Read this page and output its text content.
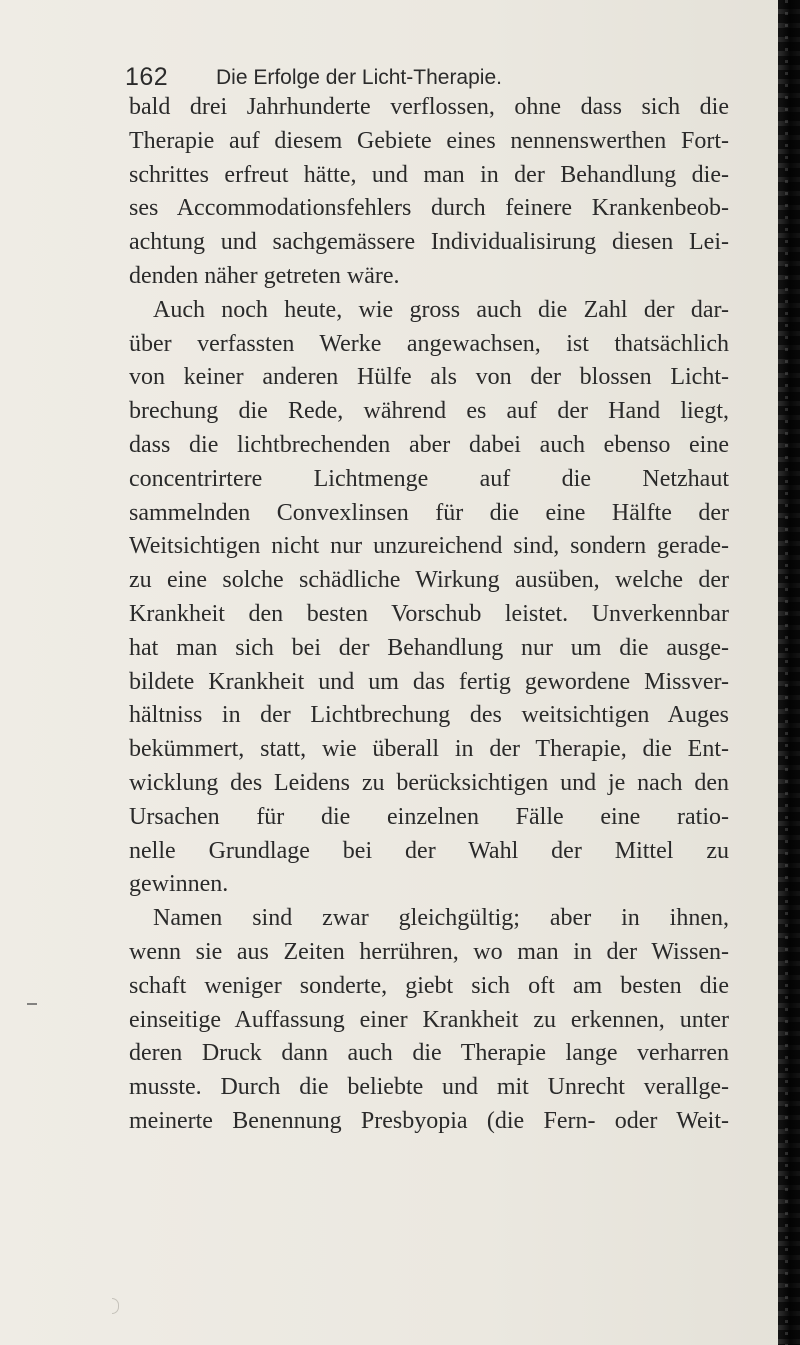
162 Die Erfolge der Licht-Therapie.
bald drei Jahrhunderte verflossen, ohne dass sich die
Therapie auf diesem Gebiete eines nennenswerthen Fort-
schrittes erfreut hätte, und man in der Behandlung die-
ses Accommodationsfehlers durch feinere Krankenbeob-
achtung und sachgemässere Individualisirung diesen Lei-
denden näher getreten wäre.
Auch noch heute, wie gross auch die Zahl der dar-
über verfassten Werke angewachsen, ist thatsächlich
von keiner anderen Hülfe als von der blossen Licht-
brechung die Rede, während es auf der Hand liegt,
dass die lichtbrechenden aber dabei auch ebenso eine
concentrirtere Lichtmenge auf die Netzhaut
sammelnden Convexlinsen für die eine Hälfte der
Weitsichtigen nicht nur unzureichend sind, sondern gerade-
zu eine solche schädliche Wirkung ausüben, welche der
Krankheit den besten Vorschub leistet. Unverkennbar
hat man sich bei der Behandlung nur um die ausge-
bildete Krankheit und um das fertig gewordene Missver-
hältniss in der Lichtbrechung des weitsichtigen Auges
bekümmert, statt, wie überall in der Therapie, die Ent-
wicklung des Leidens zu berücksichtigen und je nach den
Ursachen für die einzelnen Fälle eine ratio-
nelle Grundlage bei der Wahl der Mittel zu
gewinnen.
Namen sind zwar gleichgültig; aber in ihnen,
wenn sie aus Zeiten herrühren, wo man in der Wissen-
schaft weniger sonderte, giebt sich oft am besten die
einseitige Auffassung einer Krankheit zu erkennen, unter
deren Druck dann auch die Therapie lange verharren
musste. Durch die beliebte und mit Unrecht verallge-
meinerte Benennung Presbyopia (die Fern- oder Weit-
